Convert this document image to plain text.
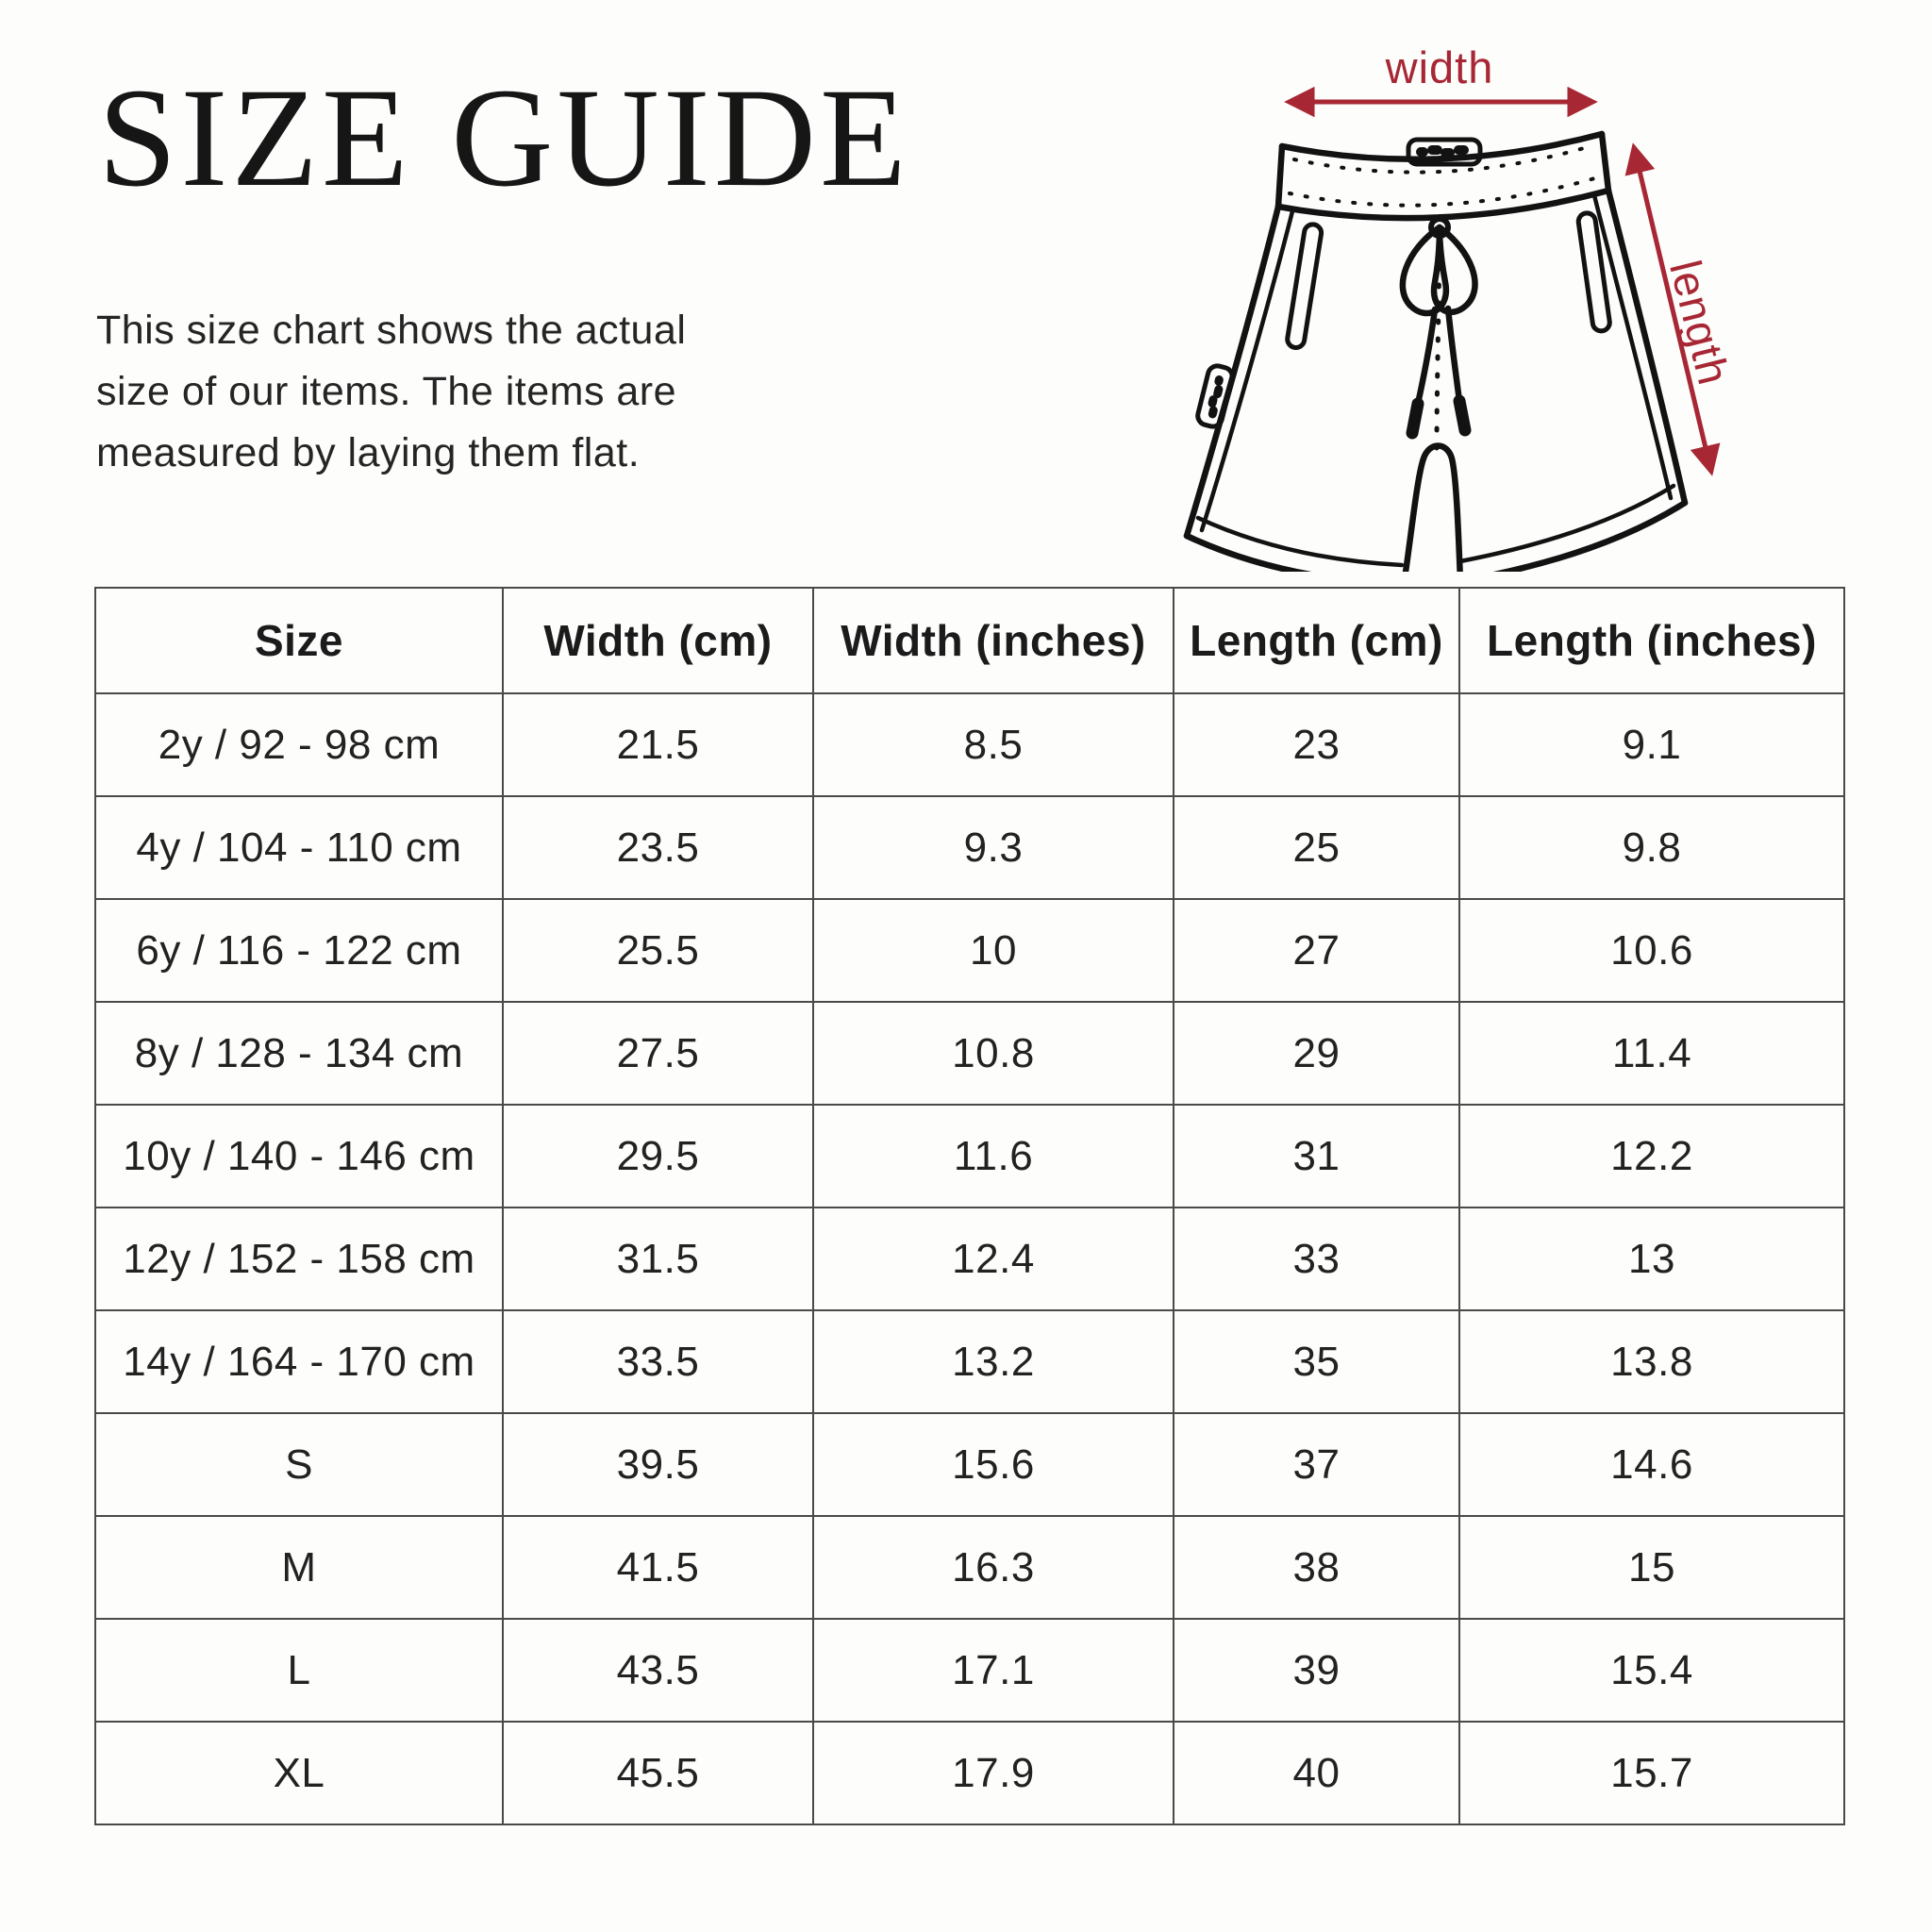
SIZE GUIDE
This size chart shows the actual
size of our items. The items are
measured by laying them flat.
width
length
Size	Width (cm)	Width (inches)	Length (cm)	Length (inches)
2y / 92 - 98 cm	21.5	8.5	23	9.1
4y / 104 - 110 cm	23.5	9.3	25	9.8
6y / 116 - 122 cm	25.5	10	27	10.6
8y / 128 - 134 cm	27.5	10.8	29	11.4
10y / 140 - 146 cm	29.5	11.6	31	12.2
12y / 152 - 158 cm	31.5	12.4	33	13
14y / 164 - 170 cm	33.5	13.2	35	13.8
S	39.5	15.6	37	14.6
M	41.5	16.3	38	15
L	43.5	17.1	39	15.4
XL	45.5	17.9	40	15.7
